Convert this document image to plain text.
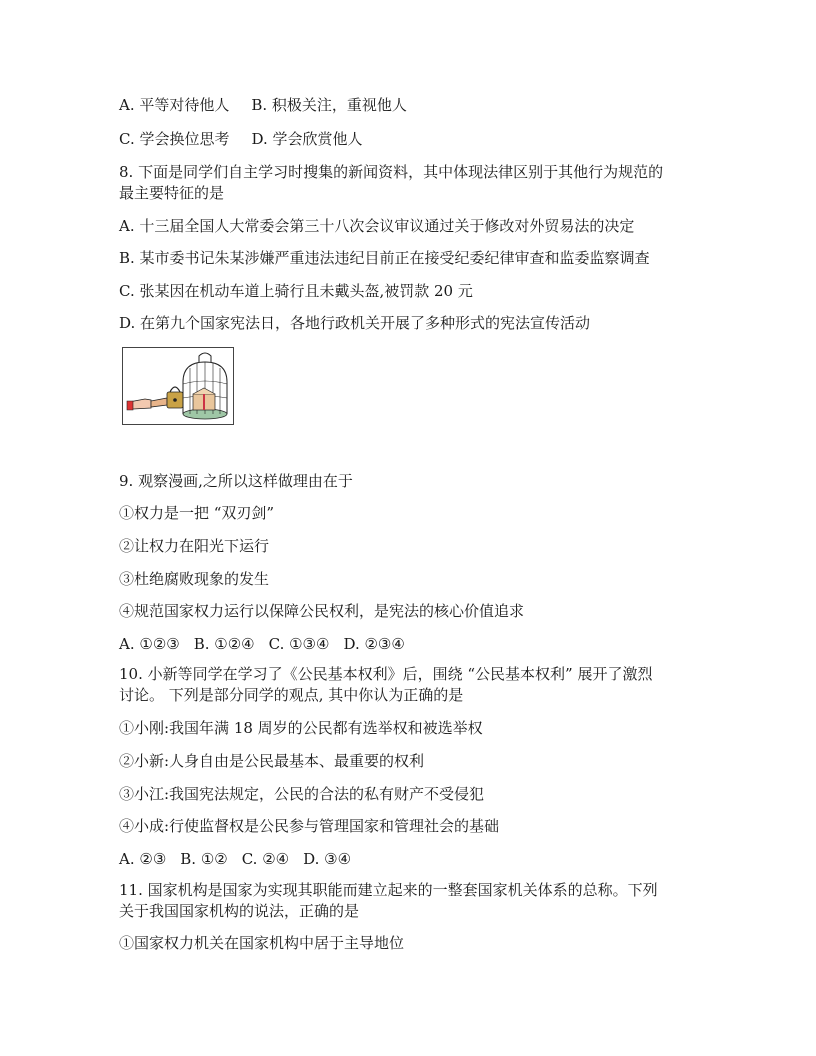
A. 平等对待他人 B. 积极关注，重视他人
C. 学会换位思考 D. 学会欣赏他人
8. 下面是同学们自主学习时搜集的新闻资料，其中体现法律区别于其他行为规范的
最主要特征的是
A. 十三届全国人大常委会第三十八次会议审议通过关于修改对外贸易法的决定
B. 某市委书记朱某涉嫌严重违法违纪目前正在接受纪委纪律审查和监委监察调查
C. 张某因在机动车道上骑行且未戴头盔,被罚款 20 元
D. 在第九个国家宪法日，各地行政机关开展了多种形式的宪法宣传活动
9. 观察漫画,之所以这样做理由在于
①权力是一把 “双刃剑”
②让权力在阳光下运行
③杜绝腐败现象的发生
④规范国家权力运行以保障公民权利，是宪法的核心价值追求
A. ①②③ B. ①②④ C. ①③④ D. ②③④
10. 小新等同学在学习了《公民基本权利》后，围绕 “公民基本权利” 展开了激烈
讨论。 下列是部分同学的观点, 其中你认为正确的是
①小刚:我国年满 18 周岁的公民都有选举权和被选举权
②小新:人身自由是公民最基本、最重要的权利
③小江:我国宪法规定，公民的合法的私有财产不受侵犯
④小成:行使监督权是公民参与管理国家和管理社会的基础
A. ②③ B. ①② C. ②④ D. ③④
11. 国家机构是国家为实现其职能而建立起来的一整套国家机关体系的总称。下列
关于我国国家机构的说法，正确的是
①国家权力机关在国家机构中居于主导地位
